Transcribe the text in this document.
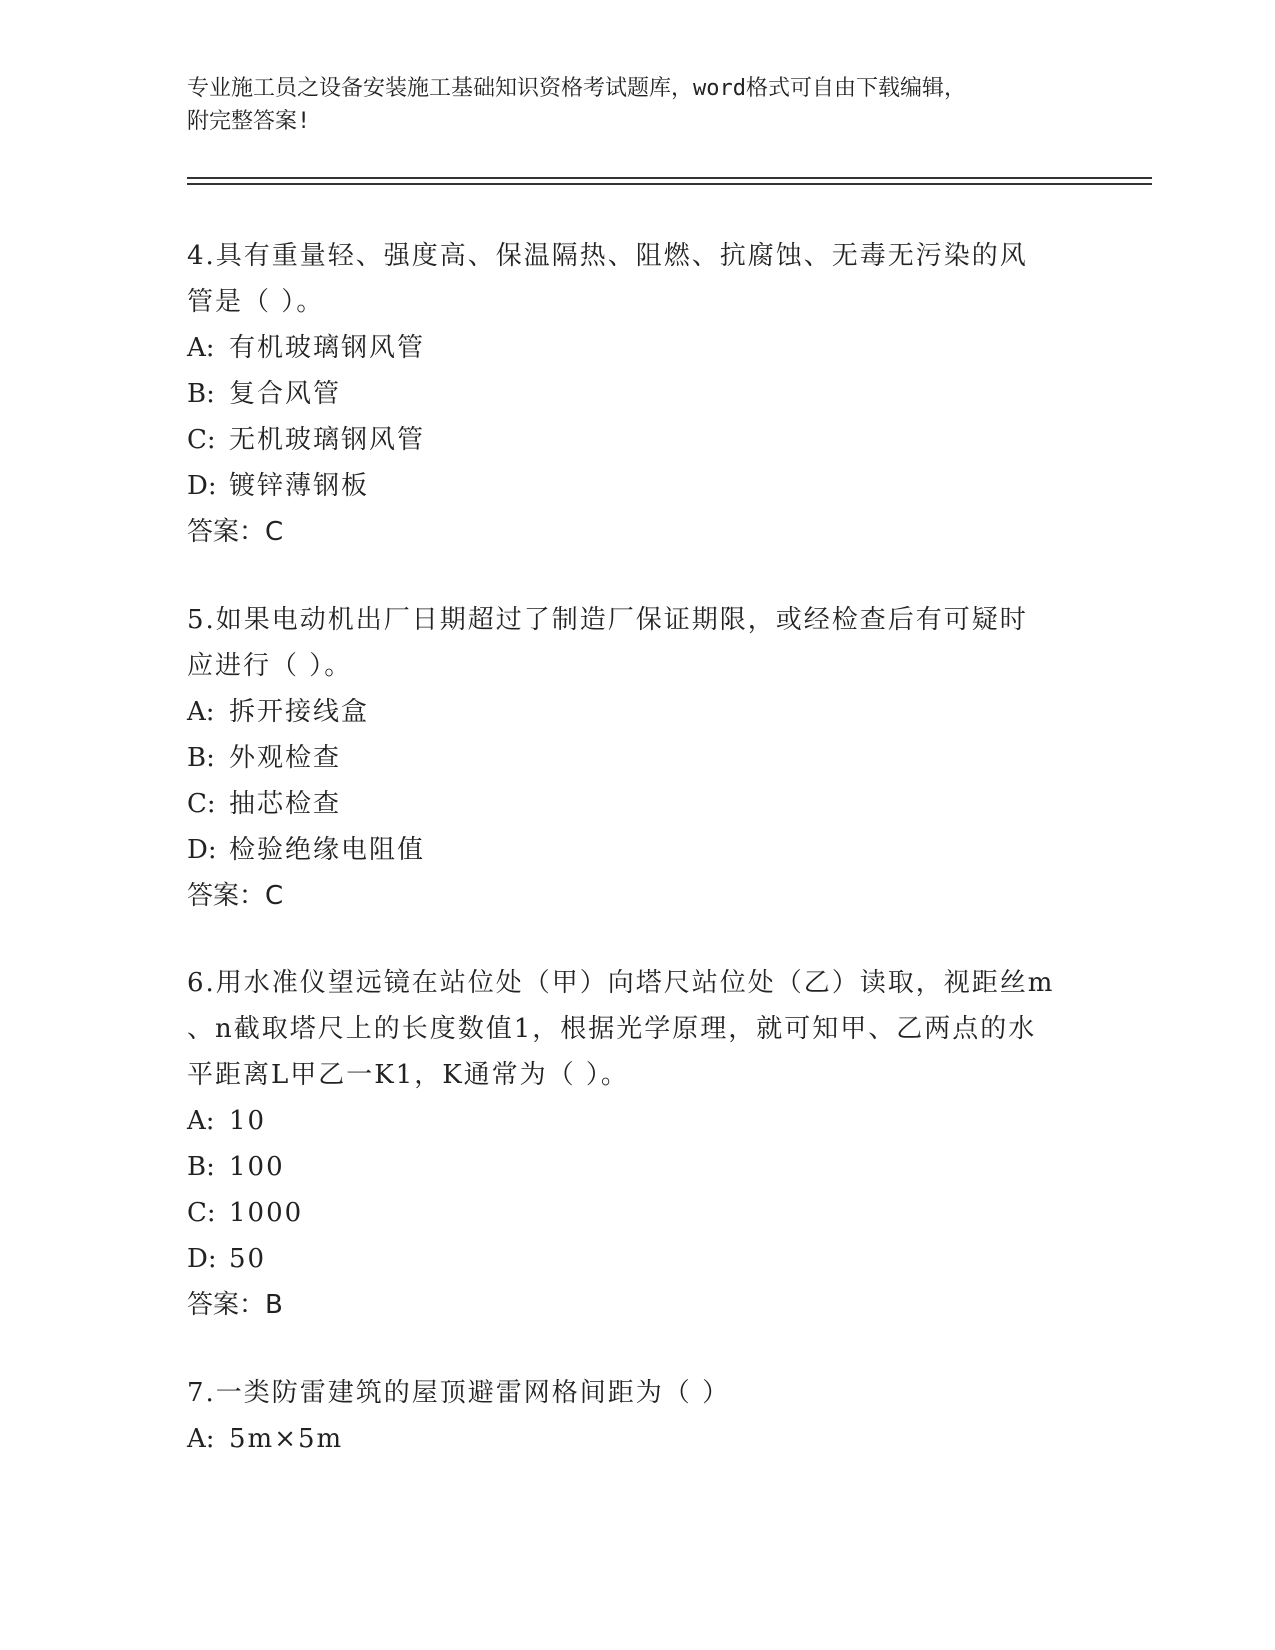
专业施工员之设备安装施工基础知识资格考试题库，word格式可自由下载编辑，
附完整答案!
4.具有重量轻、强度高、保温隔热、阻燃、抗腐蚀、无毒无污染的风
管是（ ）。
A: 有机玻璃钢风管
B: 复合风管
C: 无机玻璃钢风管
D: 镀锌薄钢板
答案：C
5.如果电动机出厂日期超过了制造厂保证期限，或经检查后有可疑时
应进行（ ）。
A: 拆开接线盒
B: 外观检查
C: 抽芯检查
D: 检验绝缘电阻值
答案：C
6.用水准仪望远镜在站位处（甲）向塔尺站位处（乙）读取，视距丝m
、n截取塔尺上的长度数值1，根据光学原理，就可知甲、乙两点的水
平距离L甲乙一K1，K通常为（ ）。
A: 10
B: 100
C: 1000
D: 50
答案：B
7.一类防雷建筑的屋顶避雷网格间距为（ ）
A: 5m×5m
